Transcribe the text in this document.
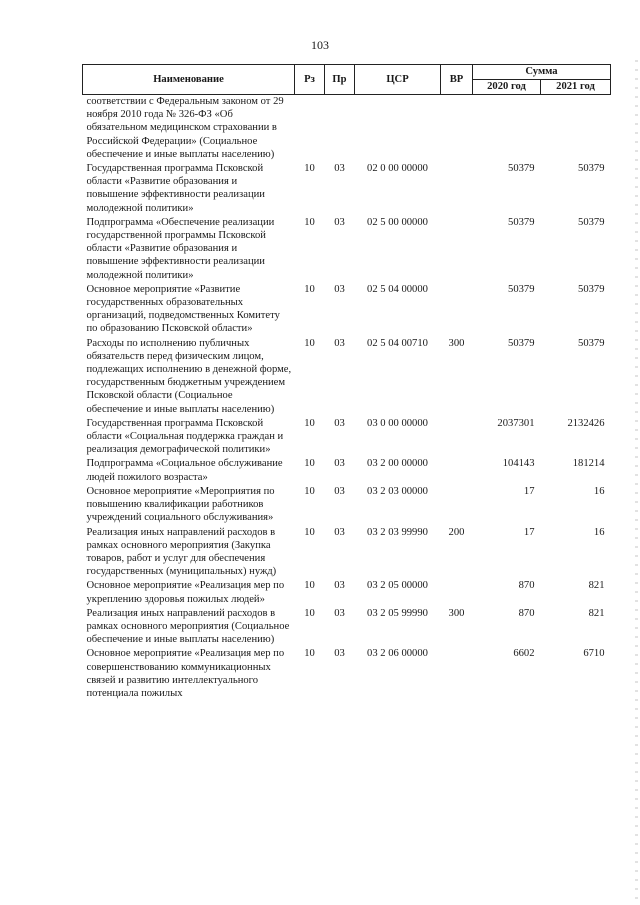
103
Наименование	Рз	Пр	ЦСР	ВР	Сумма	
					2020 год	2021 год
соответствии с Федеральным законом от 29 ноября 2010 года № 326-ФЗ «Об обязательном медицинском страховании в Российской Федерации» (Социальное обеспечение и иные выплаты населению)						
Государственная программа Псковской области «Развитие образования и повышение эффективности реализации молодежной политики»	10	03	02 0 00 00000		50379	50379
Подпрограмма «Обеспечение реализации государственной программы Псковской области «Развитие образования и повышение эффективности реализации молодежной политики»	10	03	02 5 00 00000		50379	50379
Основное мероприятие «Развитие государственных образовательных организаций, подведомственных Комитету по образованию Псковской области»	10	03	02 5 04 00000		50379	50379
Расходы по исполнению публичных обязательств перед физическим лицом, подлежащих исполнению в денежной форме, государственным бюджетным учреждением Псковской области (Социальное обеспечение и иные выплаты населению)	10	03	02 5 04 00710	300	50379	50379
Государственная программа Псковской области «Социальная поддержка граждан и реализация демографической политики»	10	03	03 0 00 00000		2037301	2132426
Подпрограмма «Социальное обслуживание людей пожилого возраста»	10	03	03 2 00 00000		104143	181214
Основное мероприятие «Мероприятия по повышению квалификации работников учреждений социального обслуживания»	10	03	03 2 03 00000		17	16
Реализация иных направлений расходов в рамках основного мероприятия (Закупка товаров, работ и услуг для обеспечения государственных (муниципальных) нужд)	10	03	03 2 03 99990	200	17	16
Основное мероприятие «Реализация мер по укреплению здоровья пожилых людей»	10	03	03 2 05 00000		870	821
Реализация иных направлений расходов в рамках основного мероприятия (Социальное обеспечение и иные выплаты населению)	10	03	03 2 05 99990	300	870	821
Основное мероприятие «Реализация мер по совершенствованию коммуникационных связей и развитию интеллектуального потенциала пожилых	10	03	03 2 06 00000		6602	6710
